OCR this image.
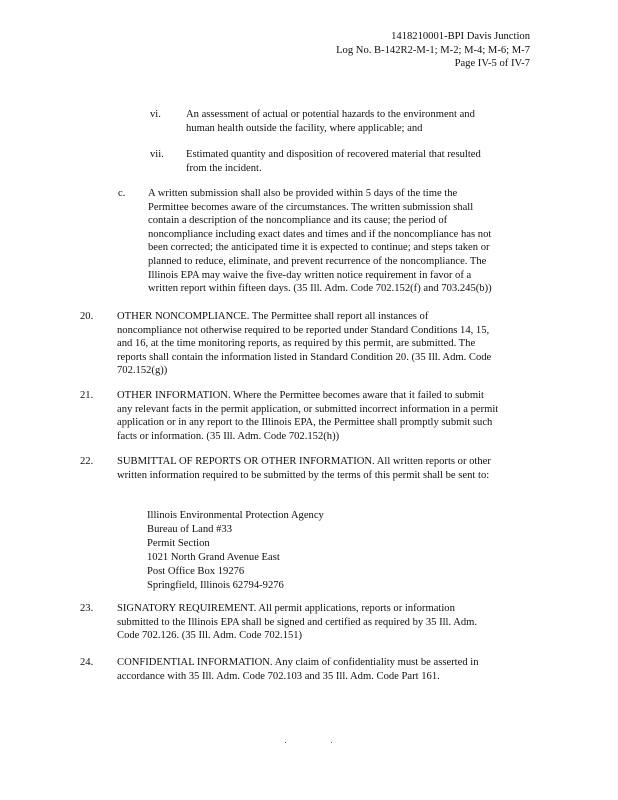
1418210001-BPI Davis Junction
Log No. B-142R2-M-1; M-2; M-4; M-6; M-7
Page IV-5 of IV-7
vi. An assessment of actual or potential hazards to the environment and
human health outside the facility, where applicable; and
vii. Estimated quantity and disposition of recovered material that resulted
from the incident.
c. A written submission shall also be provided within 5 days of the time the
Permittee becomes aware of the circumstances. The written submission shall
contain a description of the noncompliance and its cause; the period of
noncompliance including exact dates and times and if the noncompliance has not
been corrected; the anticipated time it is expected to continue; and steps taken or
planned to reduce, eliminate, and prevent recurrence of the noncompliance. The
Illinois EPA may waive the five-day written notice requirement in favor of a
written report within fifteen days. (35 Ill. Adm. Code 702.152(f) and 703.245(b))
20. OTHER NONCOMPLIANCE. The Permittee shall report all instances of
noncompliance not otherwise required to be reported under Standard Conditions 14, 15,
and 16, at the time monitoring reports, as required by this permit, are submitted. The
reports shall contain the information listed in Standard Condition 20. (35 Ill. Adm. Code
702.152(g))
21. OTHER INFORMATION. Where the Permittee becomes aware that it failed to submit
any relevant facts in the permit application, or submitted incorrect information in a permit
application or in any report to the Illinois EPA, the Permittee shall promptly submit such
facts or information. (35 Ill. Adm. Code 702.152(h))
22. SUBMITTAL OF REPORTS OR OTHER INFORMATION. All written reports or other
written information required to be submitted by the terms of this permit shall be sent to:
Illinois Environmental Protection Agency
Bureau of Land #33
Permit Section
1021 North Grand Avenue East
Post Office Box 19276
Springfield, Illinois 62794-9276
23. SIGNATORY REQUIREMENT. All permit applications, reports or information
submitted to the Illinois EPA shall be signed and certified as required by 35 Ill. Adm.
Code 702.126. (35 Ill. Adm. Code 702.151)
24. CONFIDENTIAL INFORMATION. Any claim of confidentiality must be asserted in
accordance with 35 Ill. Adm. Code 702.103 and 35 Ill. Adm. Code Part 161.
